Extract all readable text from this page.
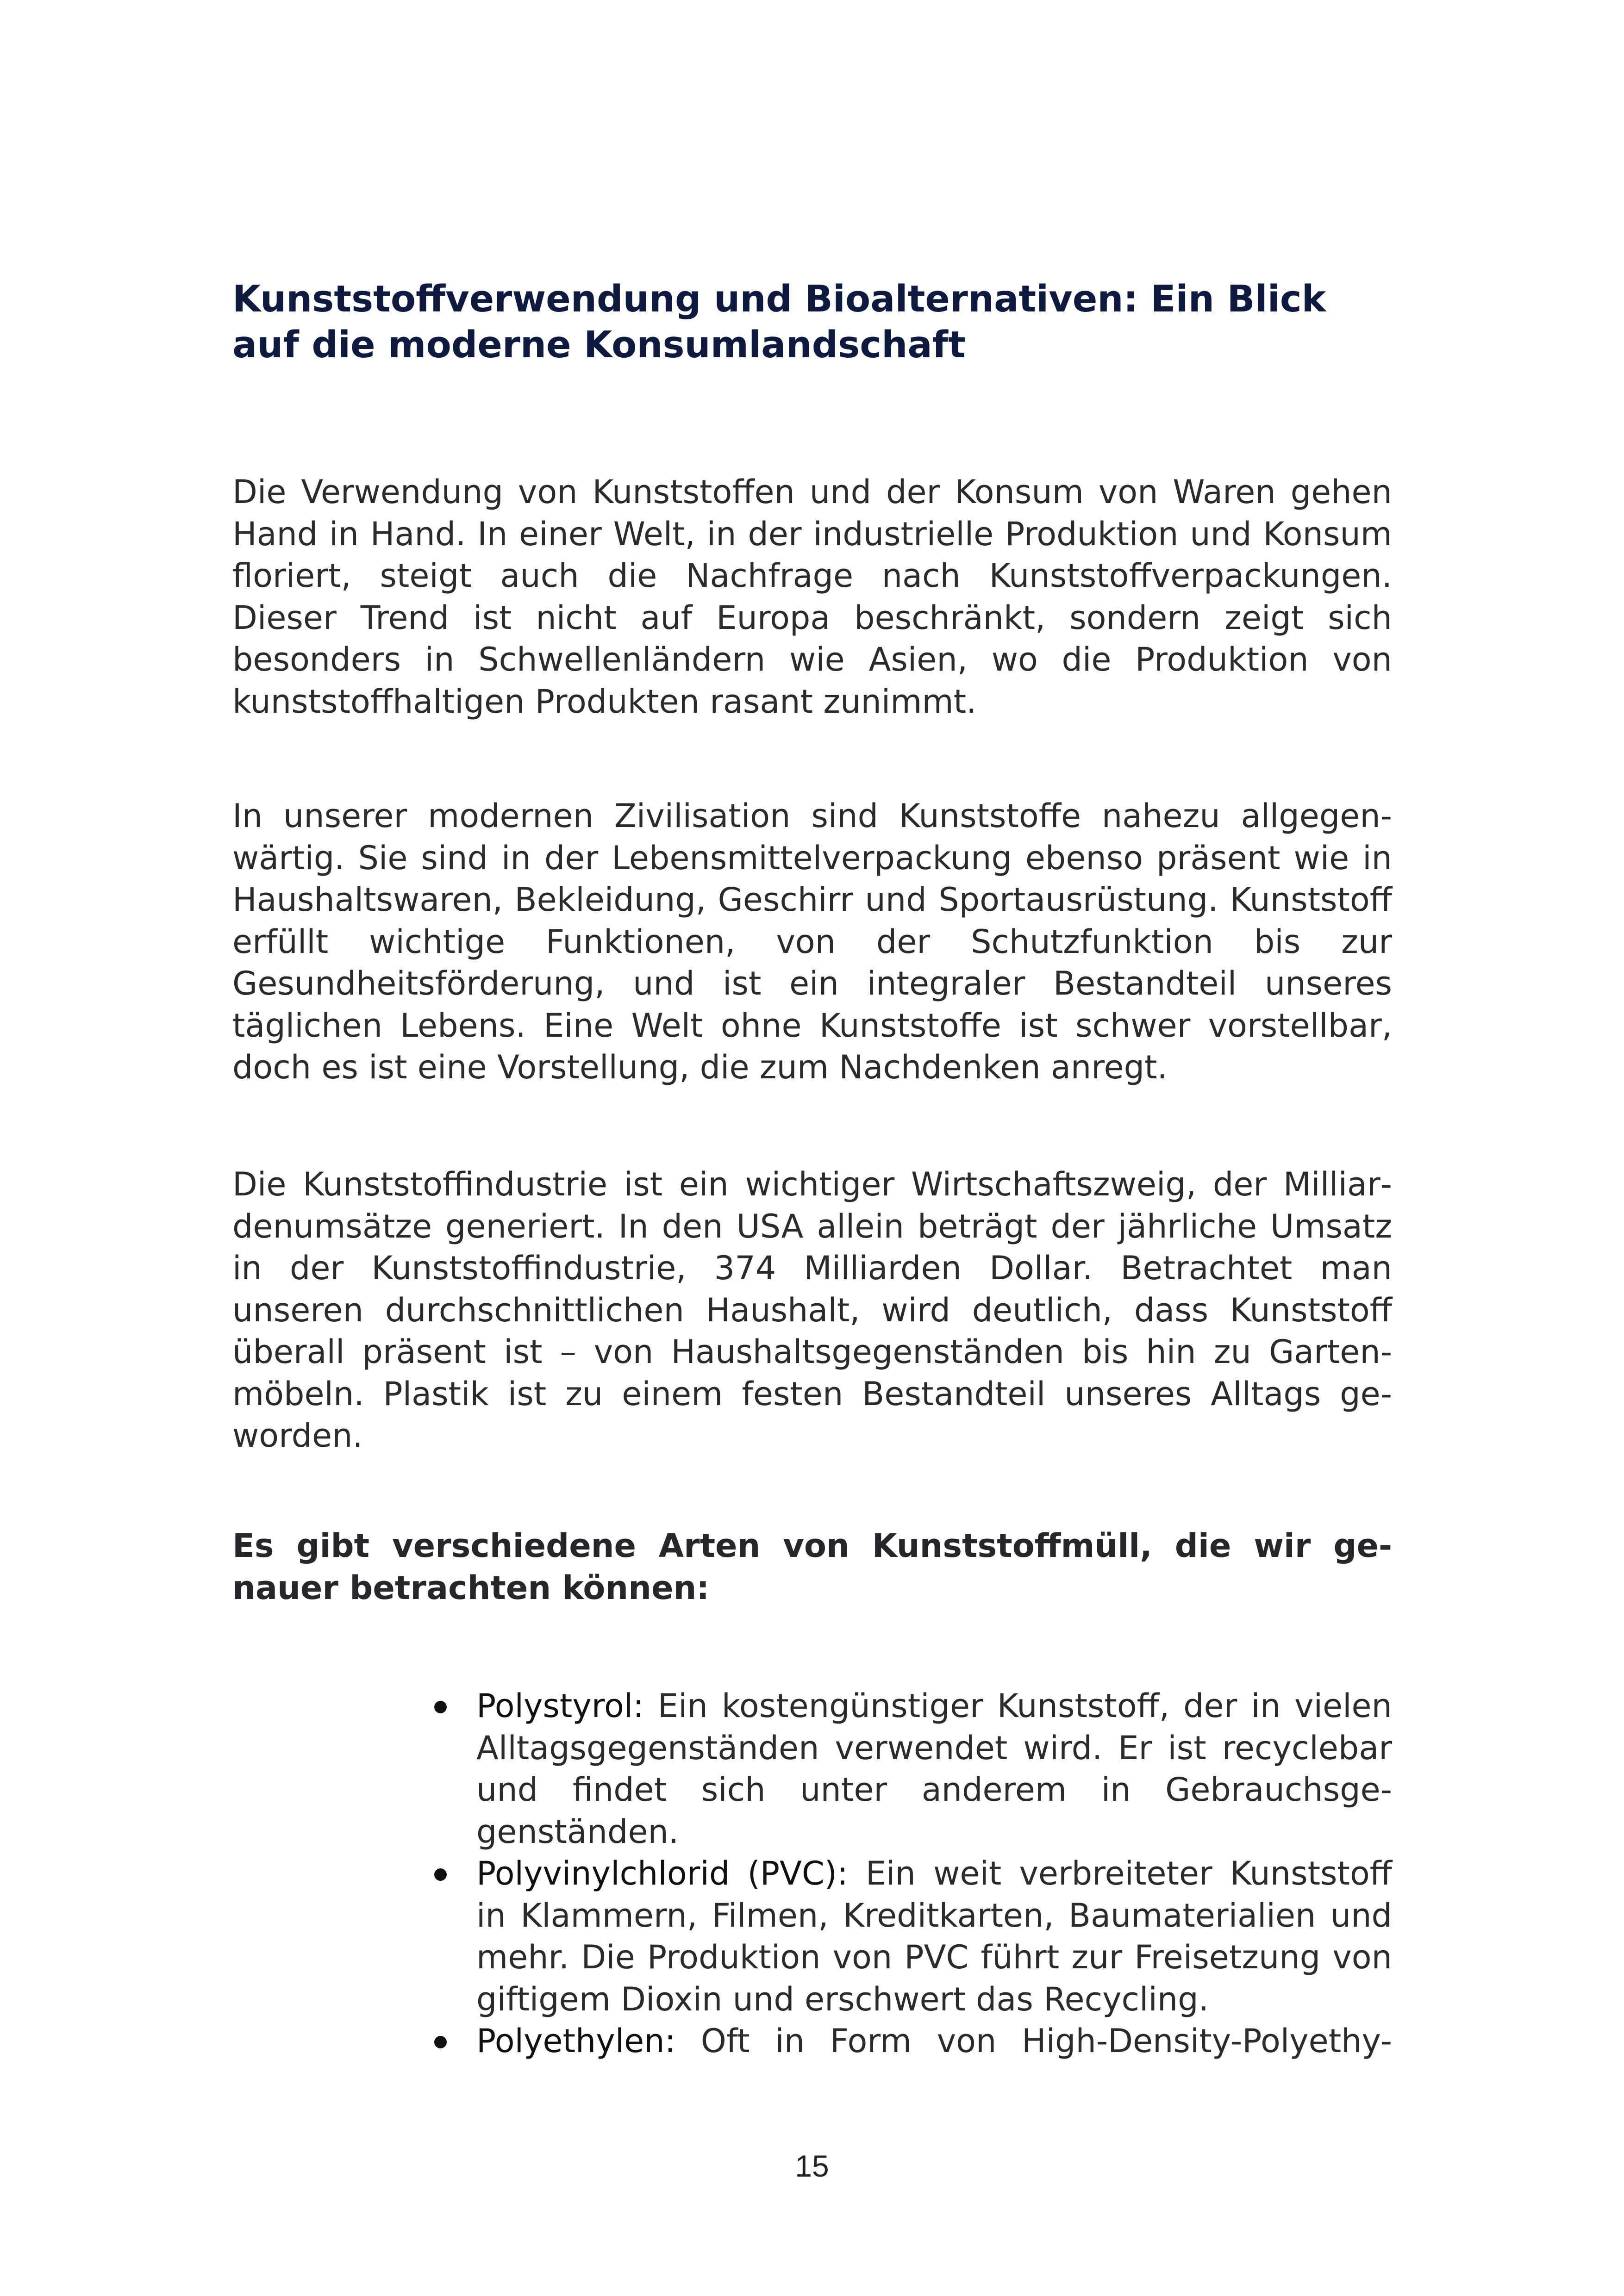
Kunststoffverwendung und Bioalternativen: Ein Blick auf die moderne Konsumlandschaft

Die Verwendung von Kunststoffen und der Konsum von Waren gehen Hand in Hand. In einer Welt, in der industrielle Produktion und Konsum floriert, steigt auch die Nachfrage nach Kunststoffverpackungen. Dieser Trend ist nicht auf Europa beschränkt, sondern zeigt sich besonders in Schwellenländern wie Asien, wo die Produktion von kunststoffhaltigen Produkten rasant zunimmt.

In unserer modernen Zivilisation sind Kunststoffe nahezu allgegenwärtig. Sie sind in der Lebensmittelverpackung ebenso präsent wie in Haushaltswaren, Bekleidung, Geschirr und Sportausrüstung. Kunststoff erfüllt wichtige Funktionen, von der Schutzfunktion bis zur Gesundheitsförderung, und ist ein integraler Bestandteil unseres täglichen Lebens. Eine Welt ohne Kunststoffe ist schwer vorstellbar, doch es ist eine Vorstellung, die zum Nachdenken anregt.

Die Kunststoffindustrie ist ein wichtiger Wirtschaftszweig, der Milliardenumsätze generiert. In den USA allein beträgt der jährliche Umsatz in der Kunststoffindustrie, 374 Milliarden Dollar. Betrachtet man unseren durchschnittlichen Haushalt, wird deutlich, dass Kunststoff überall präsent ist – von Haushaltsgegenständen bis hin zu Gartenmöbeln. Plastik ist zu einem festen Bestandteil unseres Alltags geworden.

Es gibt verschiedene Arten von Kunststoffmüll, die wir genauer betrachten können:

Polystyrol: Ein kostengünstiger Kunststoff, der in vielen Alltagsgegenständen verwendet wird. Er ist recyclebar und findet sich unter anderem in Gebrauchsgegenständen.
Polyvinylchlorid (PVC): Ein weit verbreiteter Kunststoff in Klammern, Filmen, Kreditkarten, Baumaterialien und mehr. Die Produktion von PVC führt zur Freisetzung von giftigem Dioxin und erschwert das Recycling.
Polyethylen: Oft in Form von High-Density-Polyethy-
15
